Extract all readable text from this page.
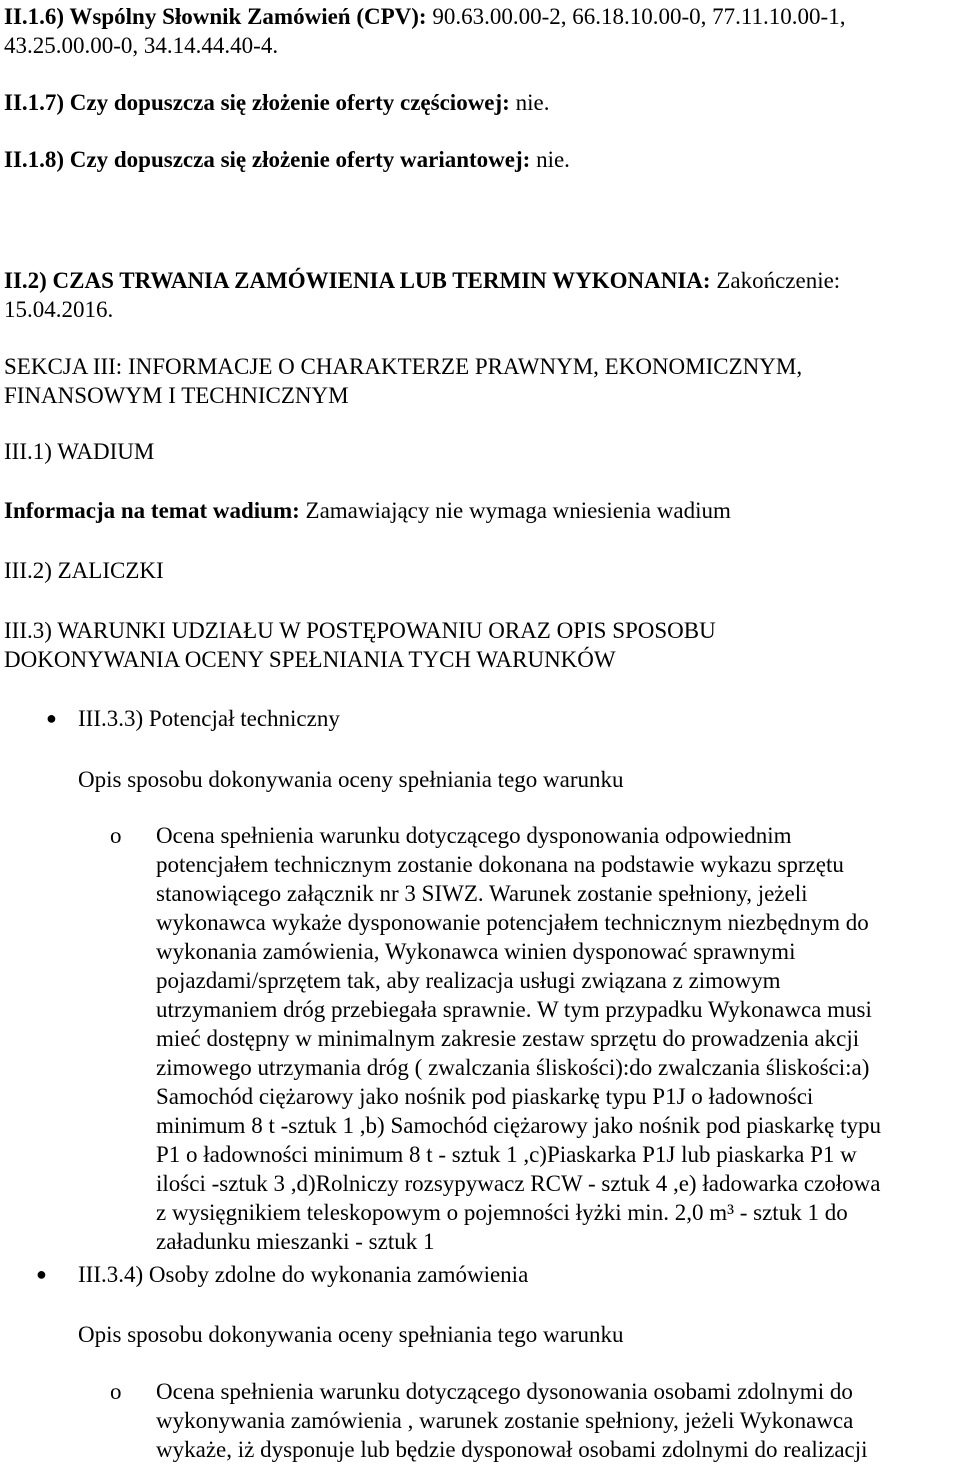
II.1.6) Wspólny Słownik Zamówień (CPV): 90.63.00.00-2, 66.18.10.00-0, 77.11.10.00-1,
43.25.00.00-0, 34.14.44.40-4.
II.1.7) Czy dopuszcza się złożenie oferty częściowej: nie.
II.1.8) Czy dopuszcza się złożenie oferty wariantowej: nie.
II.2) CZAS TRWANIA ZAMÓWIENIA LUB TERMIN WYKONANIA: Zakończenie:
15.04.2016.
SEKCJA III: INFORMACJE O CHARAKTERZE PRAWNYM, EKONOMICZNYM,
FINANSOWYM I TECHNICZNYM
III.1) WADIUM
Informacja na temat wadium: Zamawiający nie wymaga wniesienia wadium
III.2) ZALICZKI
III.3) WARUNKI UDZIAŁU W POSTĘPOWANIU ORAZ OPIS SPOSOBU
DOKONYWANIA OCENY SPEŁNIANIA TYCH WARUNKÓW
● III.3.3) Potencjał techniczny
Opis sposobu dokonywania oceny spełniania tego warunku
o Ocena spełnienia warunku dotyczącego dysponowania odpowiednim
potencjałem technicznym zostanie dokonana na podstawie wykazu sprzętu
stanowiącego załącznik nr 3 SIWZ. Warunek zostanie spełniony, jeżeli
wykonawca wykaże dysponowanie potencjałem technicznym niezbędnym do
wykonania zamówienia, Wykonawca winien dysponować sprawnymi
pojazdami/sprzętem tak, aby realizacja usługi związana z zimowym
utrzymaniem dróg przebiegała sprawnie. W tym przypadku Wykonawca musi
mieć dostępny w minimalnym zakresie zestaw sprzętu do prowadzenia akcji
zimowego utrzymania dróg ( zwalczania śliskości):do zwalczania śliskości:a)
Samochód ciężarowy jako nośnik pod piaskarkę typu P1J o ładowności
minimum 8 t -sztuk 1 ,b) Samochód ciężarowy jako nośnik pod piaskarkę typu
P1 o ładowności minimum 8 t - sztuk 1 ,c)Piaskarka P1J lub piaskarka P1 w
ilości -sztuk 3 ,d)Rolniczy rozsypywacz RCW - sztuk 4 ,e) ładowarka czołowa
z wysięgnikiem teleskopowym o pojemności łyżki min. 2,0 m³ - sztuk 1 do
załadunku mieszanki - sztuk 1
● III.3.4) Osoby zdolne do wykonania zamówienia
Opis sposobu dokonywania oceny spełniania tego warunku
o Ocena spełnienia warunku dotyczącego dysonowania osobami zdolnymi do
wykonywania zamówienia , warunek zostanie spełniony, jeżeli Wykonawca
wykaże, iż dysponuje lub będzie dysponował osobami zdolnymi do realizacji
